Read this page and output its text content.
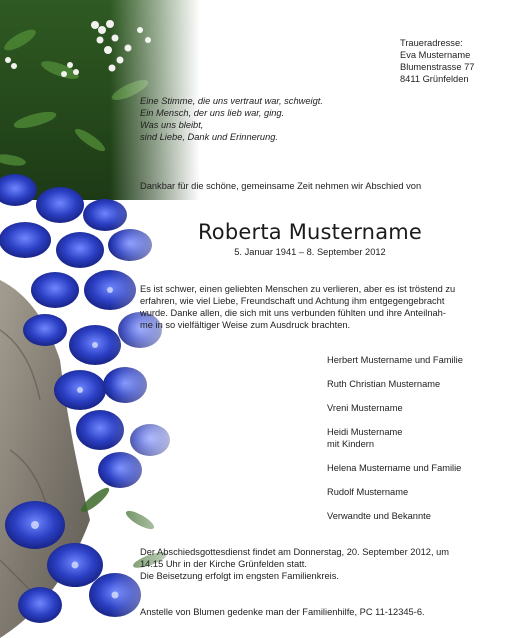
Traueradresse:
Eva Mustername
Blumenstrasse 77
8411 Grünfelden
Eine Stimme, die uns vertraut war, schweigt.
Ein Mensch, der uns lieb war, ging.
Was uns bleibt,
sind Liebe, Dank und Erinnerung.
Dankbar für die schöne, gemeinsame Zeit nehmen wir Abschied von
Roberta Mustername
5. Januar 1941 – 8. September 2012
Es ist schwer, einen geliebten Menschen zu verlieren, aber es ist tröstend zu
erfahren, wie viel Liebe, Freundschaft und Achtung ihm entgegengebracht
wurde. Danke allen, die sich mit uns verbunden fühlten und ihre Anteilnah-
me in so vielfältiger Weise zum Ausdruck brachten.
Herbert Mustername und Familie
Ruth Christian Mustername
Vreni Mustername
Heidi Mustername
mit Kindern
Helena Mustername und Familie
Rudolf Mustername
Verwandte und Bekannte
Der Abschiedsgottesdienst findet am Donnerstag, 20. September 2012, um
14.15 Uhr in der Kirche Grünfelden statt.
Die Beisetzung erfolgt im engsten Familienkreis.
Anstelle von Blumen gedenke man der Familienhilfe, PC 11-12345-6.
